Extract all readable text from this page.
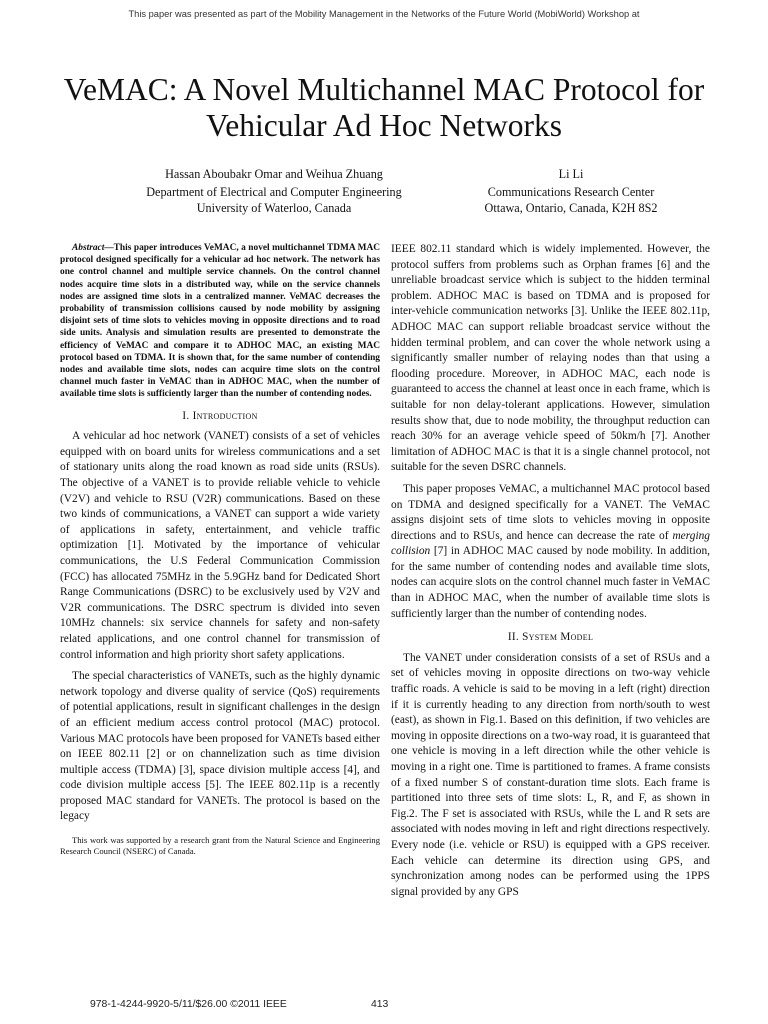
This paper was presented as part of the Mobility Management in the Networks of the Future World (MobiWorld) Workshop at
VeMAC: A Novel Multichannel MAC Protocol for
Vehicular Ad Hoc Networks
Hassan Aboubakr Omar and Weihua Zhuang
Department of Electrical and Computer Engineering
University of Waterloo, Canada
Li Li
Communications Research Center
Ottawa, Ontario, Canada, K2H 8S2

Abstract—This paper introduces VeMAC, a novel multichannel TDMA MAC protocol designed specifically for a vehicular ad hoc network. The network has one control channel and multiple service channels. On the control channel nodes acquire time slots in a distributed way, while on the service channels nodes are assigned time slots in a centralized manner. VeMAC decreases the probability of transmission collisions caused by node mobility by assigning disjoint sets of time slots to vehicles moving in opposite directions and to road side units. Analysis and simulation results are presented to demonstrate the efficiency of VeMAC and compare it to ADHOC MAC, an existing MAC protocol based on TDMA. It is shown that, for the same number of contending nodes and available time slots, nodes can acquire time slots on the control channel much faster in VeMAC than in ADHOC MAC, when the number of available time slots is sufficiently larger than the number of contending nodes.

I. Introduction

A vehicular ad hoc network (VANET) consists of a set of vehicles equipped with on board units for wireless communications and a set of stationary units along the road known as road side units (RSUs). The objective of a VANET is to provide reliable vehicle to vehicle (V2V) and vehicle to RSU (V2R) communications. Based on these two kinds of communications, a VANET can support a wide variety of applications in safety, entertainment, and vehicle traffic optimization [1]. Motivated by the importance of vehicular communications, the U.S Federal Communication Commission (FCC) has allocated 75MHz in the 5.9GHz band for Dedicated Short Range Communications (DSRC) to be exclusively used by V2V and V2R communications. The DSRC spectrum is divided into seven 10MHz channels: six service channels for safety and non-safety related applications, and one control channel for transmission of control information and high priority short safety applications.

The special characteristics of VANETs, such as the highly dynamic network topology and diverse quality of service (QoS) requirements of potential applications, result in significant challenges in the design of an efficient medium access control protocol (MAC) protocol. Various MAC protocols have been proposed for VANETs based either on IEEE 802.11 [2] or on channelization such as time division multiple access (TDMA) [3], space division multiple access [4], and code division multiple access [5]. The IEEE 802.11p is a recently proposed MAC standard for VANETs. The protocol is based on the legacy

This work was supported by a research grant from the Natural Science and Engineering Research Council (NSERC) of Canada.

IEEE 802.11 standard which is widely implemented. However, the protocol suffers from problems such as Orphan frames [6] and the unreliable broadcast service which is subject to the hidden terminal problem. ADHOC MAC is based on TDMA and is proposed for inter-vehicle communication networks [3]. Unlike the IEEE 802.11p, ADHOC MAC can support reliable broadcast service without the hidden terminal problem, and can cover the whole network using a significantly smaller number of relaying nodes than that using a flooding procedure. Moreover, in ADHOC MAC, each node is guaranteed to access the channel at least once in each frame, which is suitable for non delay-tolerant applications. However, simulation results show that, due to node mobility, the throughput reduction can reach 30% for an average vehicle speed of 50km/h [7]. Another limitation of ADHOC MAC is that it is a single channel protocol, not suitable for the seven DSRC channels.

This paper proposes VeMAC, a multichannel MAC protocol based on TDMA and designed specifically for a VANET. The VeMAC assigns disjoint sets of time slots to vehicles moving in opposite directions and to RSUs, and hence can decrease the rate of merging collision [7] in ADHOC MAC caused by node mobility. In addition, for the same number of contending nodes and available time slots, nodes can acquire slots on the control channel much faster in VeMAC than in ADHOC MAC, when the number of available time slots is sufficiently larger than the number of contending nodes.

II. System Model

The VANET under consideration consists of a set of RSUs and a set of vehicles moving in opposite directions on two-way vehicle traffic roads. A vehicle is said to be moving in a left (right) direction if it is currently heading to any direction from north/south to west (east), as shown in Fig.1. Based on this definition, if two vehicles are moving in opposite directions on a two-way road, it is guaranteed that one vehicle is moving in a left direction while the other vehicle is moving in a right one. Time is partitioned to frames. A frame consists of a fixed number S of constant-duration time slots. Each frame is partitioned into three sets of time slots: L, R, and F, as shown in Fig.2. The F set is associated with RSUs, while the L and R sets are associated with nodes moving in left and right directions respectively. Every node (i.e. vehicle or RSU) is equipped with a GPS receiver. Each vehicle can determine its direction using GPS, and synchronization among nodes can be performed using the 1PPS signal provided by any GPS

978-1-4244-9920-5/11/$26.00 ©2011 IEEE	413
